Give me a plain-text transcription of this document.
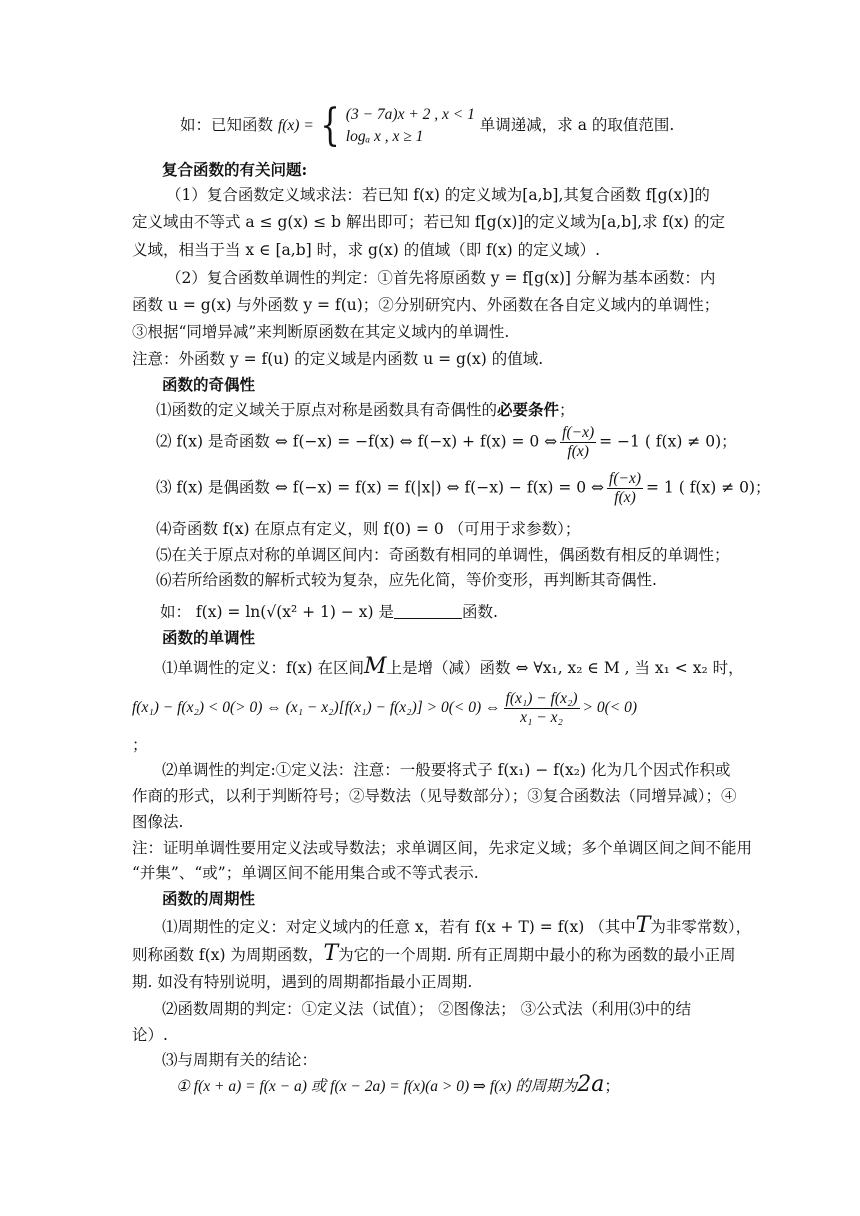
如：已知函数 f(x) = { (3 − 7a)x + 2 , x < 1
logₐ x , x ≥ 1
单调递减，求 a 的取值范围.
复合函数的有关问题:
（1）复合函数定义域求法：若已知 f(x) 的定义域为[a,b],其复合函数 f[g(x)]的
定义域由不等式 a ≤ g(x) ≤ b 解出即可；若已知 f[g(x)]的定义域为[a,b],求 f(x) 的定
义域，相当于当 x ∈ [a,b] 时，求 g(x) 的值域（即 f(x) 的定义域）.
（2）复合函数单调性的判定：①首先将原函数 y = f[g(x)] 分解为基本函数：内
函数 u = g(x) 与外函数 y = f(u)；②分别研究内、外函数在各自定义域内的单调性；
③根据“同增异减”来判断原函数在其定义域内的单调性.
注意：外函数 y = f(u) 的定义域是内函数 u = g(x) 的值域.
函数的奇偶性
⑴函数的定义域关于原点对称是函数具有奇偶性的必要条件；
⑵ f(x) 是奇函数 ⇔ f(−x) = −f(x) ⇔ f(−x) + f(x) = 0 ⇔ $\frac{f(-x)}{f(x)} = -1$ ( f(x) ≠ 0)；
⑶ f(x) 是偶函数 ⇔ f(−x) = f(x) = f(|x|) ⇔ f(−x) − f(x) = 0 ⇔ $\frac{f(-x)}{f(x)} = 1$ ( f(x) ≠ 0)；
⑷奇函数 f(x) 在原点有定义，则 f(0) = 0 （可用于求参数）；
⑸在关于原点对称的单调区间内：奇函数有相同的单调性，偶函数有相反的单调性；
⑹若所给函数的解析式较为复杂，应先化简，等价变形，再判断其奇偶性.
如： f(x) = ln(√(x² + 1) − x) 是	函数.
函数的单调性
⑴单调性的定义：f(x) 在区间M上是增（减）函数 ⇔ ∀x₁, x₂ ∈ M , 当 x₁ < x₂ 时，
f(x₁) − f(x₂) < 0(> 0) ⇔ (x₁ − x₂)[f(x₁) − f(x₂)] > 0(< 0) ⇔ $\frac{\text{f(x₁) − f(x₂)}}{\text{x₁ − x₂}} > 0(< 0)$
；
⑵单调性的判定:①定义法：注意：一般要将式子 f(x₁) − f(x₂) 化为几个因式作积或
作商的形式，以利于判断符号；②导数法（见导数部分）；③复合函数法（同增异减）；④
图像法.
注：证明单调性要用定义法或导数法；求单调区间，先求定义域；多个单调区间之间不能用
“并集”、“或”；单调区间不能用集合或不等式表示.
函数的周期性
⑴周期性的定义：对定义域内的任意 x，若有 f(x + T) = f(x) （其中T为非零常数），
则称函数 f(x) 为周期函数，T为它的一个周期. 所有正周期中最小的称为函数的最小正周
期. 如没有特别说明，遇到的周期都指最小正周期.
⑵函数周期的判定：①定义法（试值）； ②图像法； ③公式法（利用⑶中的结
论）.
⑶与周期有关的结论：
① f(x + a) = f(x − a) 或 f(x − 2a) = f(x)(a > 0) ⇒ f(x) 的周期为2a；
